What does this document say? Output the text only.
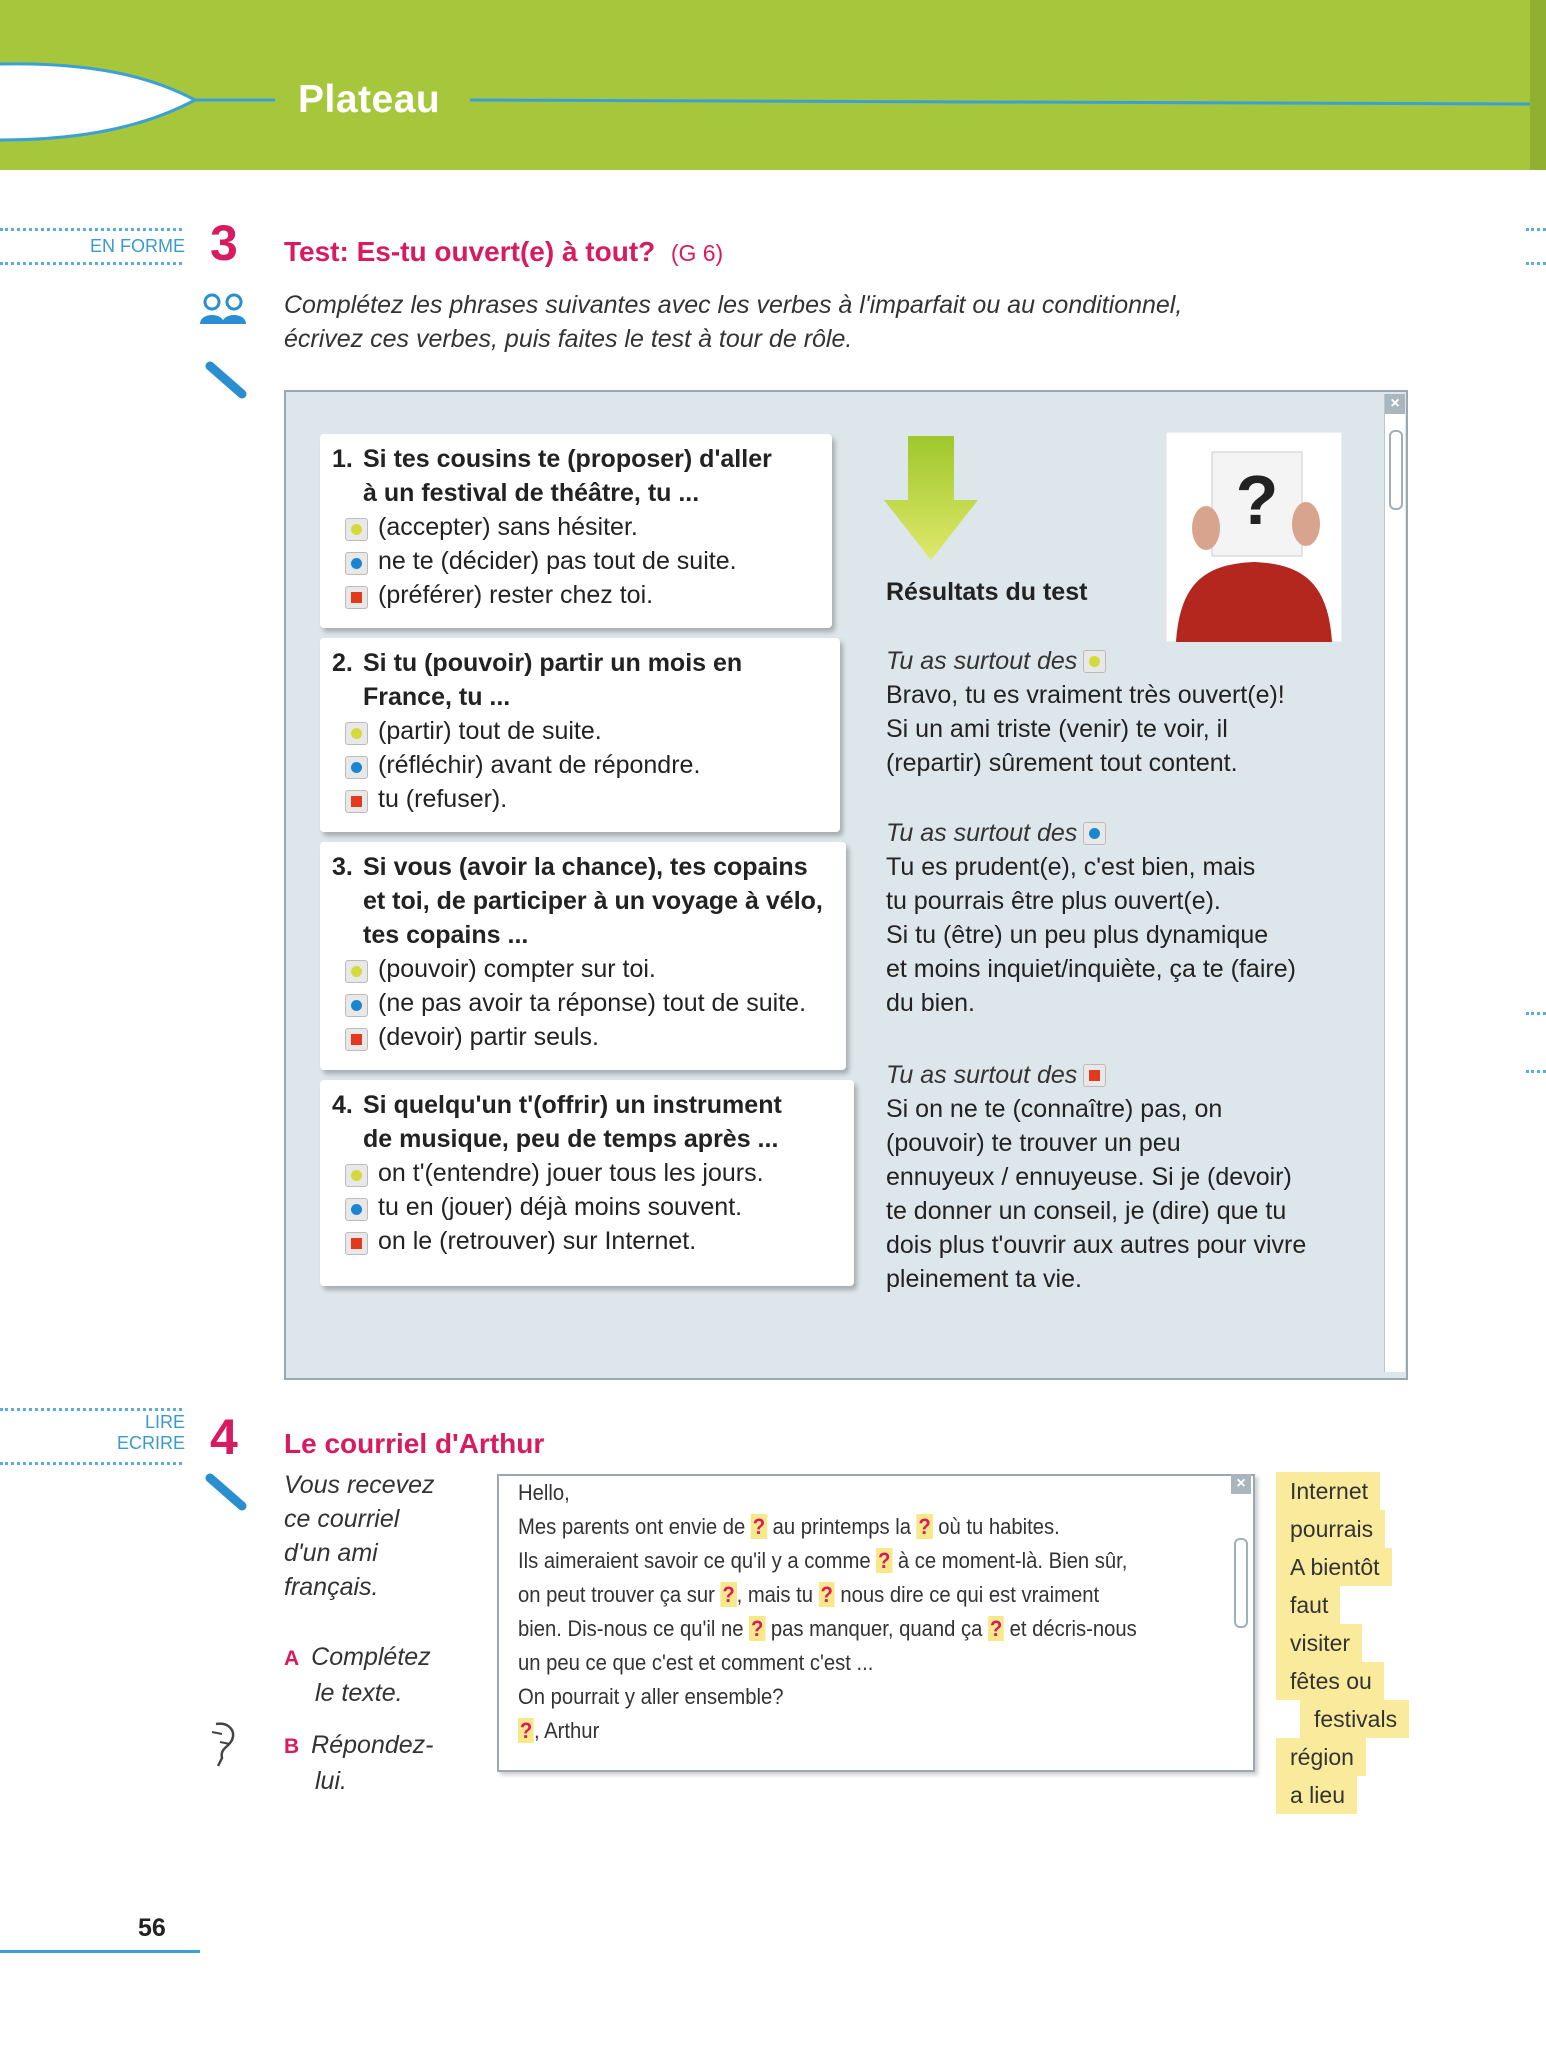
Plateau
EN FORME 3 Test: Es-tu ouvert(e) à tout? (G 6)
Complétez les phrases suivantes avec les verbes à l'imparfait ou au conditionnel,
écrivez ces verbes, puis faites le test à tour de rôle.
1. Si tes cousins te (proposer) d'aller
à un festival de théâtre, tu ...
(accepter) sans hésiter.
ne te (décider) pas tout de suite.
(préférer) rester chez toi.
2. Si tu (pouvoir) partir un mois en
France, tu ...
(partir) tout de suite.
(réfléchir) avant de répondre.
tu (refuser).
3. Si vous (avoir la chance), tes copains
et toi, de participer à un voyage à vélo,
tes copains ...
(pouvoir) compter sur toi.
(ne pas avoir ta réponse) tout de suite.
(devoir) partir seuls.
4. Si quelqu'un t'(offrir) un instrument
de musique, peu de temps après ...
on t'(entendre) jouer tous les jours.
tu en (jouer) déjà moins souvent.
on le (retrouver) sur Internet.
?
Résultats du test
Tu as surtout des
Bravo, tu es vraiment très ouvert(e)!
Si un ami triste (venir) te voir, il
(repartir) sûrement tout content.
Tu as surtout des
Tu es prudent(e), c'est bien, mais
tu pourrais être plus ouvert(e).
Si tu (être) un peu plus dynamique
et moins inquiet/inquiète, ça te (faire)
du bien.
Tu as surtout des
Si on ne te (connaître) pas, on
(pouvoir) te trouver un peu
ennuyeux / ennuyeuse. Si je (devoir)
te donner un conseil, je (dire) que tu
dois plus t'ouvrir aux autres pour vivre
pleinement ta vie.
×
LIRE
ECRIRE 4 Le courriel d'Arthur
Vous recevez
ce courriel
d'un ami
français.
A Complétez
le texte.
B Répondez-
lui.
×
Hello,
Mes parents ont envie de ? au printemps la ? où tu habites.
Ils aimeraient savoir ce qu'il y a comme ? à ce moment-là. Bien sûr,
on peut trouver ça sur ?, mais tu ? nous dire ce qui est vraiment
bien. Dis-nous ce qu'il ne ? pas manquer, quand ça ? et décris-nous
un peu ce que c'est et comment c'est ...
On pourrait y aller ensemble?
?, Arthur
Internet
pourrais
A bientôt
faut
visiter
fêtes ou
festivals
région
a lieu
56
